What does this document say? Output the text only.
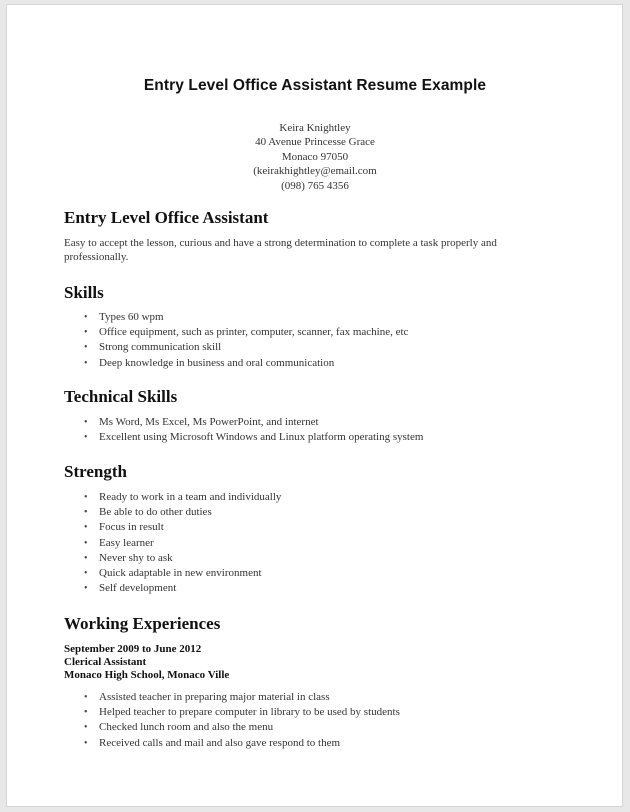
Entry Level Office Assistant Resume Example
Keira Knightley
40 Avenue Princesse Grace
Monaco 97050
(keirakhightley@email.com
(098) 765 4356
Entry Level Office Assistant
Easy to accept the lesson, curious and have a strong determination to complete a task properly and professionally.
Skills
• Types 60 wpm
• Office equipment, such as printer, computer, scanner, fax machine, etc
• Strong communication skill
• Deep knowledge in business and oral communication
Technical Skills
• Ms Word, Ms Excel, Ms PowerPoint, and internet
• Excellent using Microsoft Windows and Linux platform operating system
Strength
• Ready to work in a team and individually
• Be able to do other duties
• Focus in result
• Easy learner
• Never shy to ask
• Quick adaptable in new environment
• Self development
Working Experiences
September 2009 to June 2012
Clerical Assistant
Monaco High School, Monaco Ville
• Assisted teacher in preparing major material in class
• Helped teacher to prepare computer in library to be used by students
• Checked lunch room and also the menu
• Received calls and mail and also gave respond to them
